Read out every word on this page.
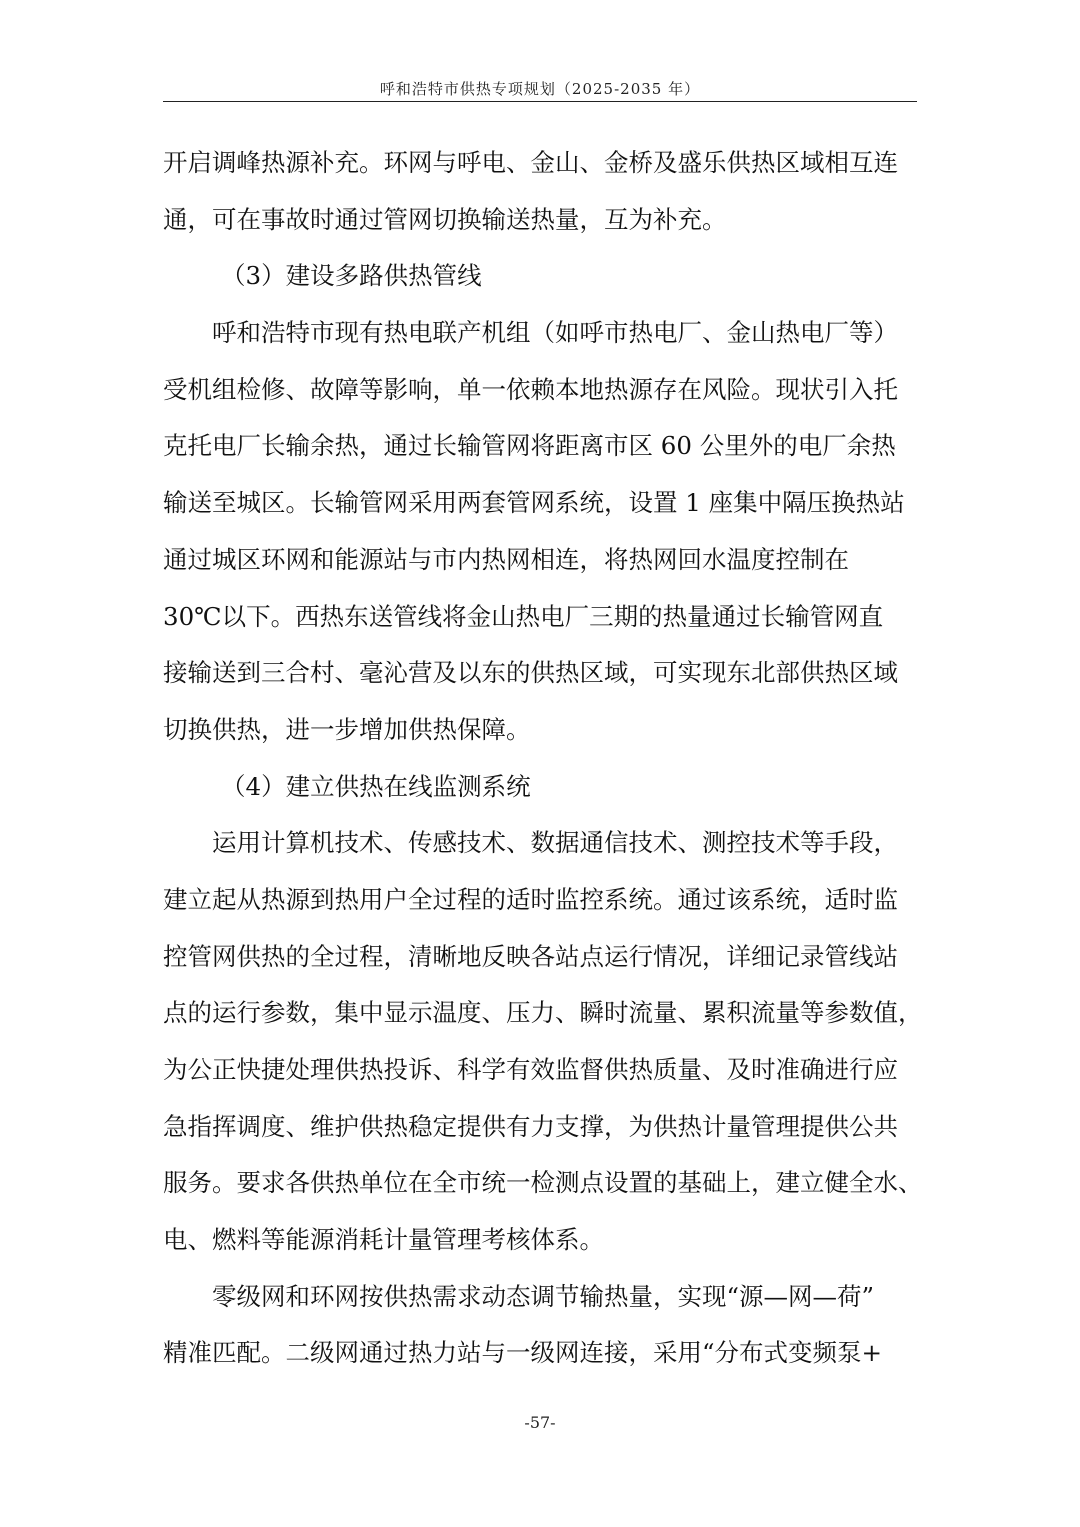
呼和浩特市供热专项规划（2025-2035 年）
开启调峰热源补充。环网与呼电、金山、金桥及盛乐供热区域相互连
通，可在事故时通过管网切换输送热量，互为补充。
（3）建设多路供热管线
呼和浩特市现有热电联产机组（如呼市热电厂、金山热电厂等）
受机组检修、故障等影响，单一依赖本地热源存在风险。现状引入托
克托电厂长输余热，通过长输管网将距离市区 60 公里外的电厂余热
输送至城区。长输管网采用两套管网系统，设置 1 座集中隔压换热站
通过城区环网和能源站与市内热网相连，将热网回水温度控制在
30℃以下。西热东送管线将金山热电厂三期的热量通过长输管网直
接输送到三合村、毫沁营及以东的供热区域，可实现东北部供热区域
切换供热，进一步增加供热保障。
（4）建立供热在线监测系统
运用计算机技术、传感技术、数据通信技术、测控技术等手段，
建立起从热源到热用户全过程的适时监控系统。通过该系统，适时监
控管网供热的全过程，清晰地反映各站点运行情况，详细记录管线站
点的运行参数，集中显示温度、压力、瞬时流量、累积流量等参数值，
为公正快捷处理供热投诉、科学有效监督供热质量、及时准确进行应
急指挥调度、维护供热稳定提供有力支撑，为供热计量管理提供公共
服务。要求各供热单位在全市统一检测点设置的基础上，建立健全水、
电、燃料等能源消耗计量管理考核体系。
零级网和环网按供热需求动态调节输热量，实现“源—网—荷”
精准匹配。二级网通过热力站与一级网连接，采用“分布式变频泵+
-57-
